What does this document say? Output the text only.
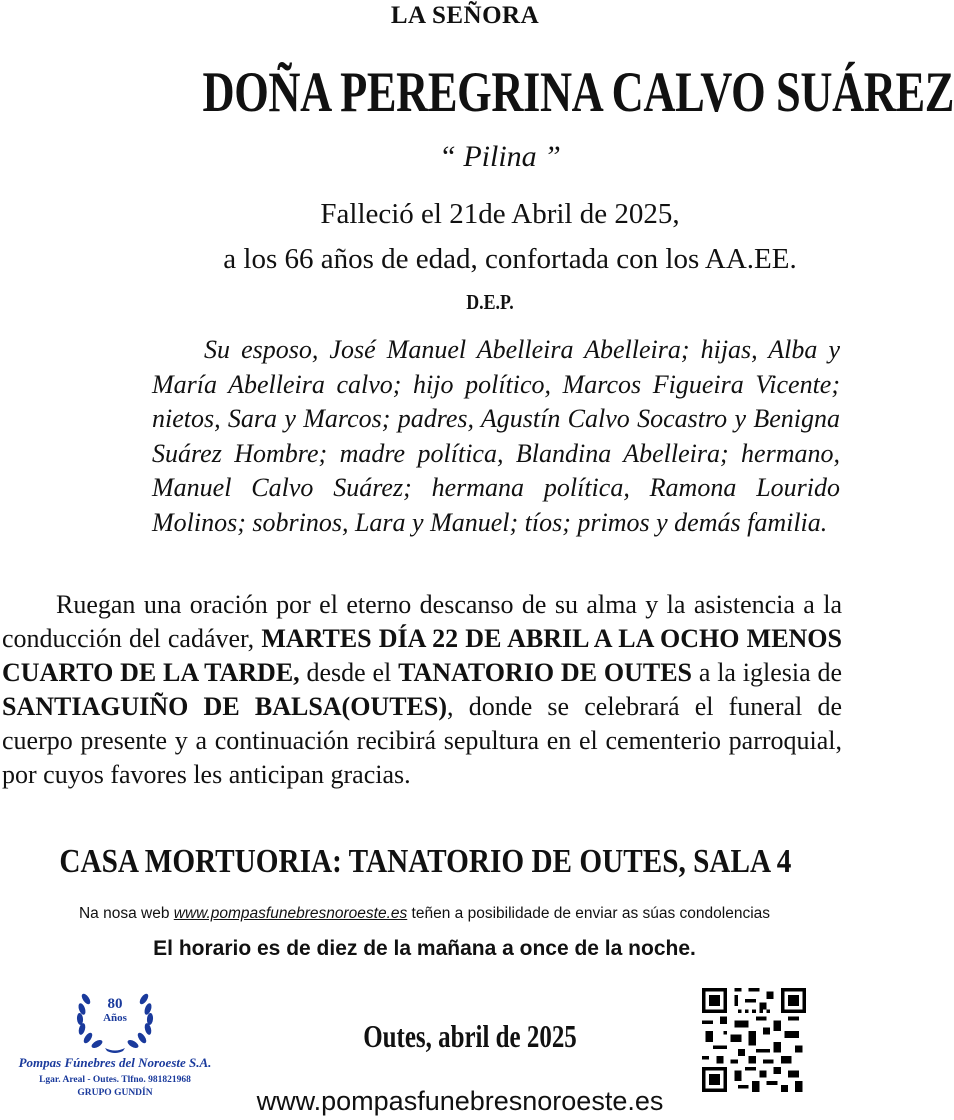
LA SEÑORA
DOÑA PEREGRINA CALVO SUÁREZ
“ Pilina ”
Falleció el 21de Abril de 2025,
a los 66 años de edad, confortada con los AA.EE.
D.E.P.
Su esposo, José Manuel Abelleira Abelleira; hijas, Alba y María Abelleira calvo; hijo político, Marcos Figueira Vicente; nietos, Sara y Marcos; padres, Agustín Calvo Socastro y Benigna Suárez Hombre; madre política, Blandina Abelleira; hermano, Manuel Calvo Suárez; hermana política, Ramona Lourido Molinos; sobrinos, Lara y Manuel; tíos; primos y demás familia.
Ruegan una oración por el eterno descanso de su alma y la asistencia a la conducción del cadáver, MARTES DÍA 22 DE ABRIL A LA OCHO MENOS CUARTO DE LA TARDE, desde el TANATORIO DE OUTES a la iglesia de SANTIAGUIÑO DE BALSA(OUTES), donde se celebrará el funeral de cuerpo presente y a continuación recibirá sepultura en el cementerio parroquial, por cuyos favores les anticipan gracias.
CASA MORTUORIA: TANATORIO DE OUTES, SALA 4
Na nosa web www.pompasfunebresnoroeste.es teñen a posibilidade de enviar as súas condolencias
El horario es de diez de la mañana a once de la noche.
80
Años
Pompas Fúnebres del Noroeste S.A.
Lgar. Areal - Outes. Tlfno. 981821968
GRUPO GUNDÍN
Outes, abril de 2025
www.pompasfunebresnoroeste.es
